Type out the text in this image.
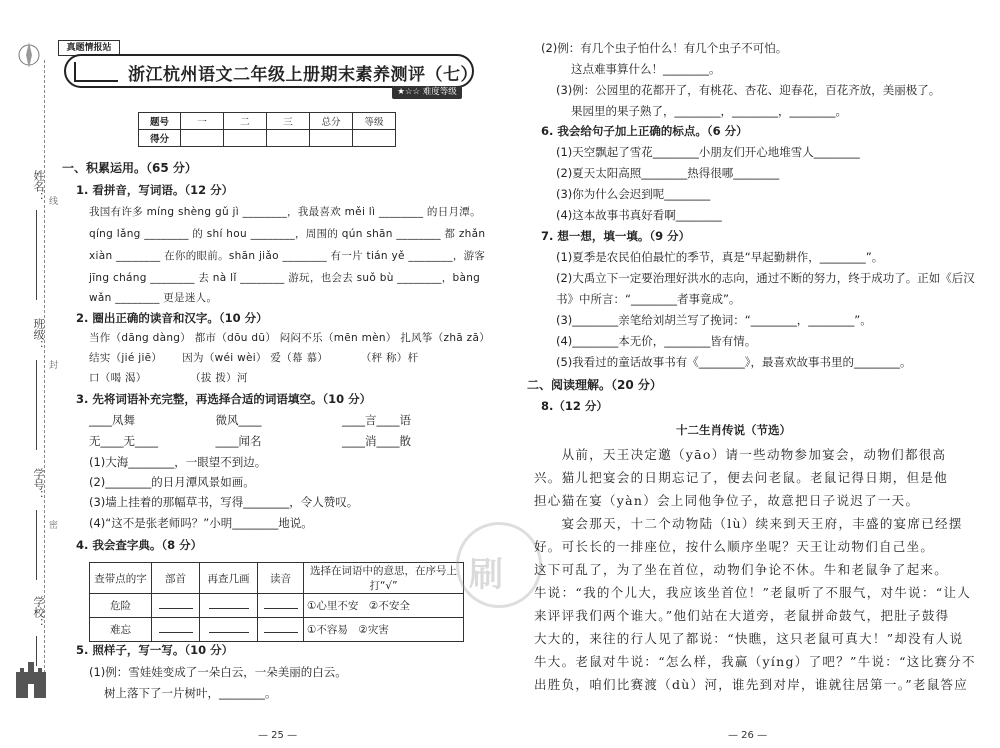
姓名：
班级：
学号：
学校：
线
封
密
真题情报站
浙江杭州语文二年级上册期末素养测评（七）
★☆☆ 难度等级
题号	一	二	三	总分	等级
得分					
一、积累运用。（65 分）
1. 看拼音，写词语。（12 分）
我国有许多 míng shèng gǔ jì ________，我最喜欢 měi lì ________ 的日月潭。
qíng lǎng ________ 的 shí hou ________，周围的 qún shān ________ 都 zhǎn
xiàn ________ 在你的眼前。shān jiǎo ________ 有一片 tián yě ________，游客
jīng cháng ________ 去 nà lǐ ________ 游玩，也会去 suǒ bù ________，bàng
wǎn ________ 更是迷人。
2. 圈出正确的读音和汉字。（10 分）
当作（dāng dàng） 都市（dōu dū） 闷闷不乐（mēn mèn） 扎风筝（zhā zā）
结实（jié jiē）　　 因为（wéi wèi） 爱（幕 慕）　　　　（秤 称）杆
口（喝 渴）　　　　　（拔 拨）河
3. 先将词语补充完整，再选择合适的词语填空。（10 分）
____凤舞　　　　　　　微风____　　　　　　　____言____语
无____无____　　　　　____闻名　　　　　　　____消____散
(1)大海________，一眼望不到边。
(2)________的日月潭风景如画。
(3)墙上挂着的那幅草书，写得________，令人赞叹。
(4)“这不是张老师吗？”小明________地说。
4. 我会查字典。（8 分）
查带点的字	部首	再查几画	读音	选择在词语中的意思，在序号上打“√”
危险				①心里不安　②不安全
难忘				①不容易　②灾害
5. 照样子，写一写。（10 分）
(1)例：雪娃娃变成了一朵白云，一朵美丽的白云。
树上落下了一片树叶，________。
— 25 —
刷
(2)例：有几个虫子怕什么！有几个虫子不可怕。
这点难事算什么！________。
(3)例：公园里的花都开了，有桃花、杏花、迎春花，百花齐放，美丽极了。
果园里的果子熟了，________，________，________。
6. 我会给句子加上正确的标点。（6 分）
(1)天空飘起了雪花________小朋友们开心地堆雪人________
(2)夏天太阳高照________热得很哪________
(3)你为什么会迟到呢________
(4)这本故事书真好看啊________
7. 想一想，填一填。（9 分）
(1)夏季是农民伯伯最忙的季节，真是“早起勤耕作，________”。
(2)大禹立下一定要治理好洪水的志向，通过不断的努力，终于成功了。正如《后汉
书》中所言：“________者事竟成”。
(3)________亲笔给刘胡兰写了挽词：“________，________”。
(4)________本无价，________皆有情。
(5)我看过的童话故事书有《________》，最喜欢故事书里的________。
二、阅读理解。（20 分）
8.（12 分）
十二生肖传说（节选）
　　从前，天王决定邀（yāo）请一些动物参加宴会，动物们都很高
兴。猫儿把宴会的日期忘记了，便去问老鼠。老鼠记得日期，但是他
担心猫在宴（yàn）会上同他争位子，故意把日子说迟了一天。
　　宴会那天，十二个动物陆（lù）续来到天王府，丰盛的宴席已经摆
好。可长长的一排座位，按什么顺序坐呢？天王让动物们自己坐。
这下可乱了，为了坐在首位，动物们争论不休。牛和老鼠争了起来。
牛说：“我的个儿大，我应该坐首位！”老鼠听了不服气，对牛说：“让人
来评评我们两个谁大。”他们站在大道旁，老鼠拼命鼓气，把肚子鼓得
大大的，来往的行人见了都说：“快瞧，这只老鼠可真大！”却没有人说
牛大。老鼠对牛说：“怎么样，我赢（yíng）了吧？”牛说：“这比赛分不
出胜负，咱们比赛渡（dù）河，谁先到对岸，谁就往居第一。”老鼠答应
— 26 —
